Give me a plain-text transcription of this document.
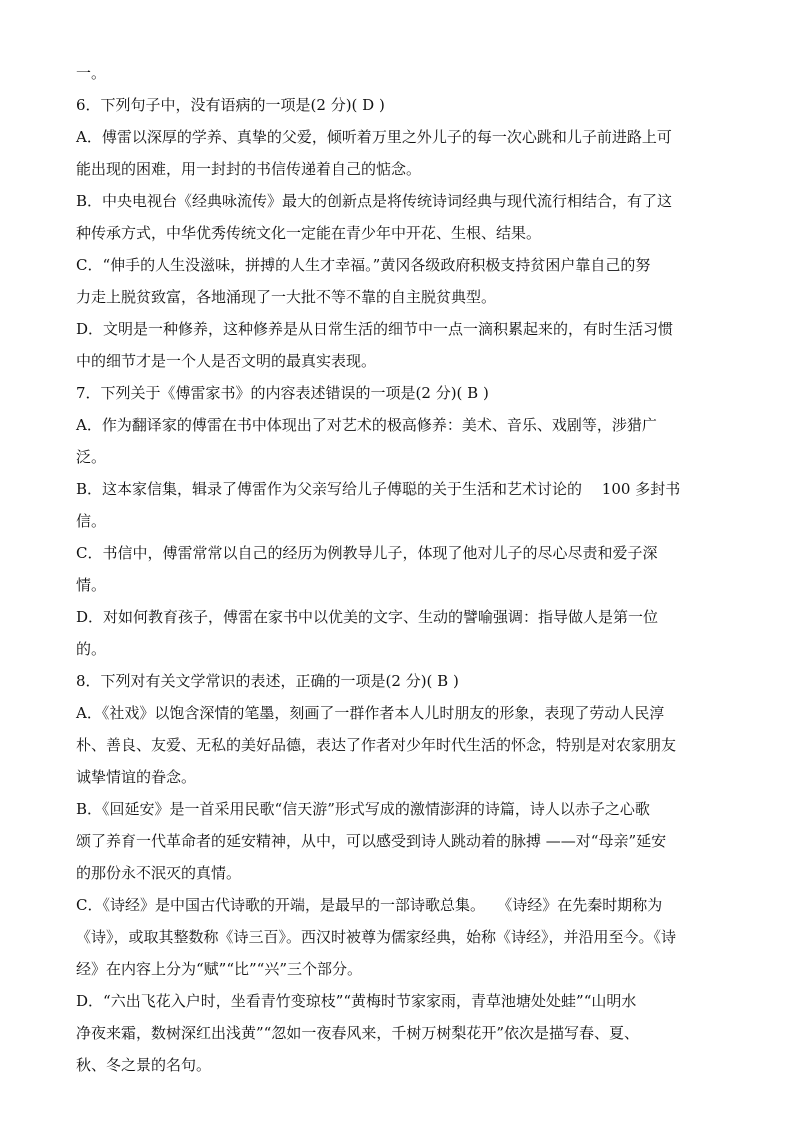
一。
6．下列句子中，没有语病的一项是(2 分)( D )
A．傅雷以深厚的学养、真挚的父爱，倾听着万里之外儿子的每一次心跳和儿子前进路上可
能出现的困难，用一封封的书信传递着自己的惦念。
B．中央电视台《经典咏流传》最大的创新点是将传统诗词经典与现代流行相结合，有了这
种传承方式，中华优秀传统文化一定能在青少年中开花、生根、结果。
C．“伸手的人生没滋味，拼搏的人生才幸福。”黄冈各级政府积极支持贫困户靠自己的努
力走上脱贫致富，各地涌现了一大批不等不靠的自主脱贫典型。
D．文明是一种修养，这种修养是从日常生活的细节中一点一滴积累起来的，有时生活习惯
中的细节才是一个人是否文明的最真实表现。
7．下列关于《傅雷家书》的内容表述错误的一项是(2 分)( B )
A．作为翻译家的傅雷在书中体现出了对艺术的极高修养：美术、音乐、戏剧等，涉猎广
泛。
B．这本家信集，辑录了傅雷作为父亲写给儿子傅聪的关于生活和艺术讨论的　 100 多封书
信。
C．书信中，傅雷常常以自己的经历为例教导儿子，体现了他对儿子的尽心尽责和爱子深
情。
D．对如何教育孩子，傅雷在家书中以优美的文字、生动的譬喻强调：指导做人是第一位
的。
8．下列对有关文学常识的表述，正确的一项是(2 分)( B )
A．《社戏》以饱含深情的笔墨，刻画了一群作者本人儿时朋友的形象，表现了劳动人民淳
朴、善良、友爱、无私的美好品德，表达了作者对少年时代生活的怀念，特别是对农家朋友
诚挚情谊的眷念。
B．《回延安》是一首采用民歌“信天游”形式写成的激情澎湃的诗篇，诗人以赤子之心歌
颂了养育一代革命者的延安精神，从中，可以感受到诗人跳动着的脉搏 ——对“母亲”延安
的那份永不泯灭的真情。
C．《诗经》是中国古代诗歌的开端，是最早的一部诗歌总集。　 《诗经》在先秦时期称为
《诗》，或取其整数称《诗三百》。西汉时被尊为儒家经典，始称《诗经》，并沿用至今。《诗
经》在内容上分为“赋”“比”“兴”三个部分。
D．“六出飞花入户时，坐看青竹变琼枝”“黄梅时节家家雨，青草池塘处处蛙”“山明水
净夜来霜，数树深红出浅黄”“忽如一夜春风来，千树万树梨花开”依次是描写春、夏、
秋、冬之景的名句。
